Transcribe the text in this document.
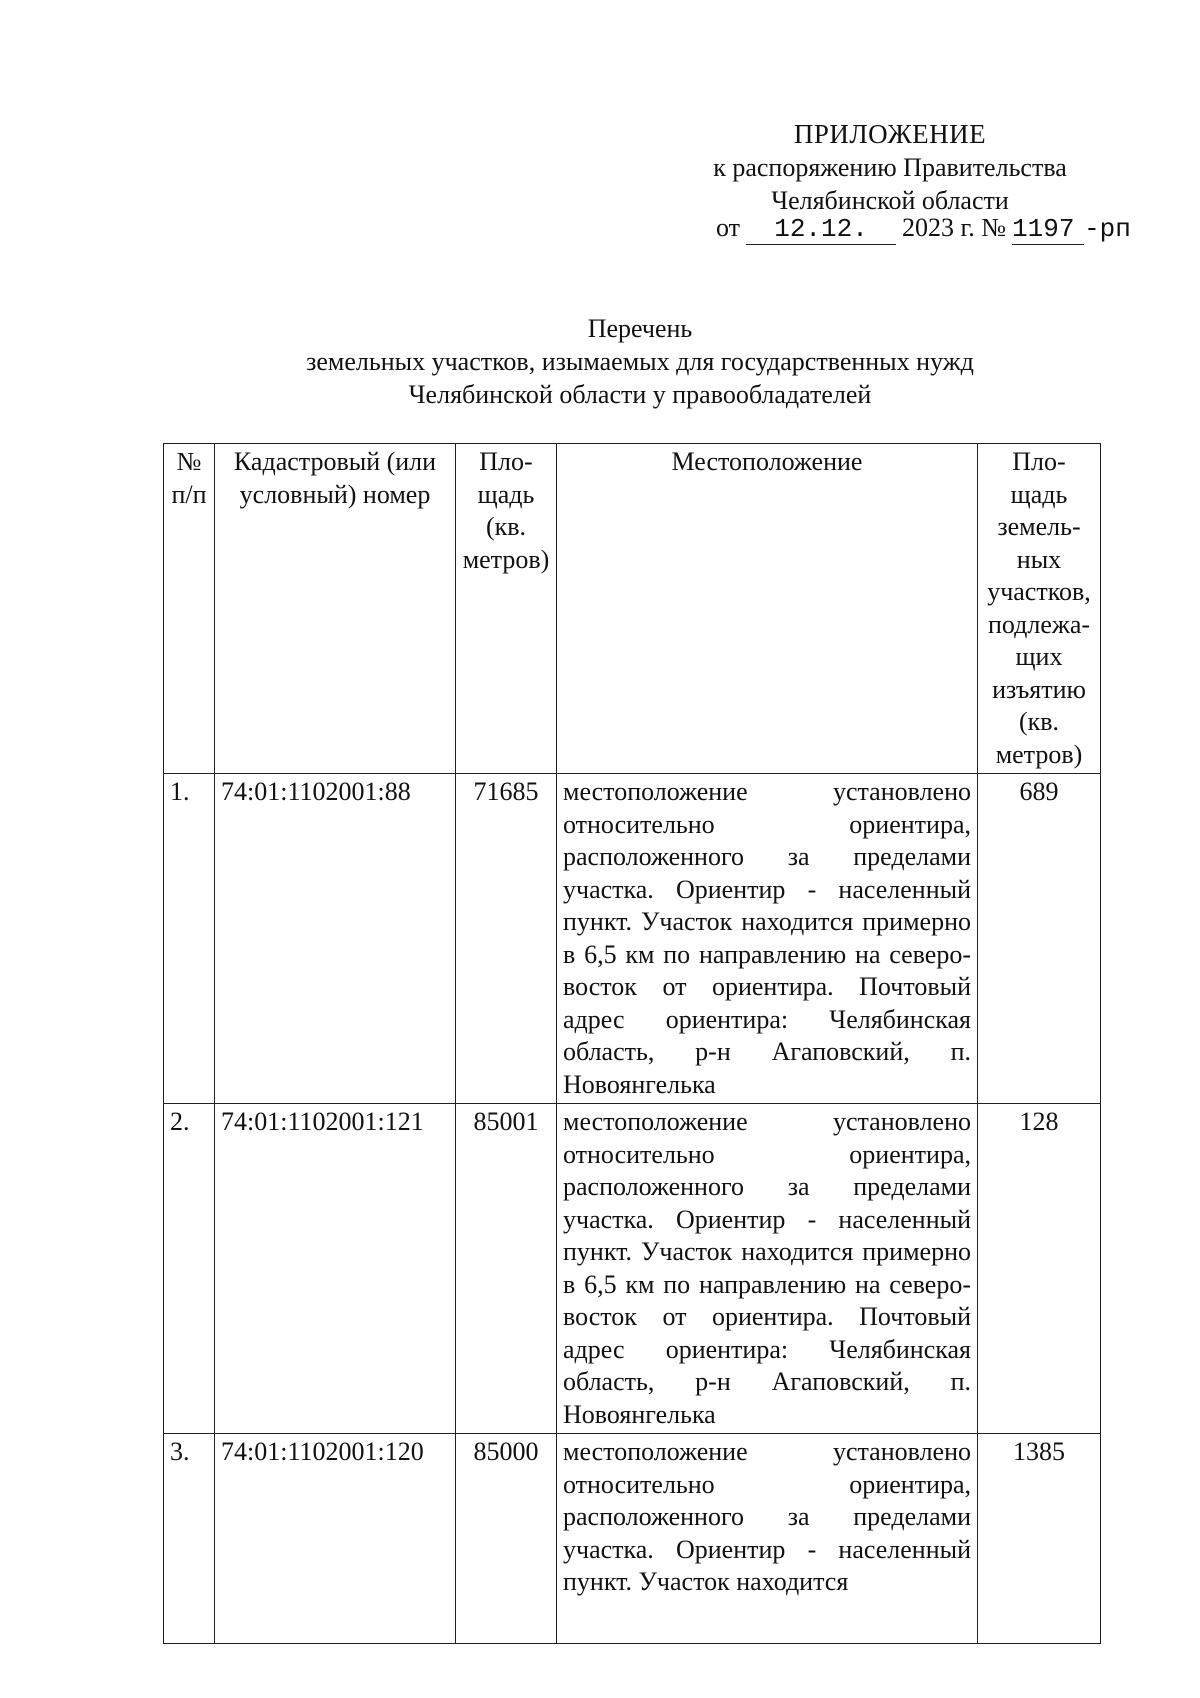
ПРИЛОЖЕНИЕ
к распоряжению Правительства
Челябинской области
от 12.12. 2023 г. № 1197 -рп
Перечень
земельных участков, изымаемых для государственных нужд
Челябинской области у правообладателей
№ п/п	Кадастровый (или условный) номер	Пло-щадь (кв. метров)	Местоположение	Пло-щадь земель-ных участков, подлежа-щих изъятию (кв. метров)
1.	74:01:1102001:88	71685	местоположение установлено относительно ориентира, расположенного за пределами участка. Ориентир - населенный пункт. Участок находится примерно в 6,5 км по направлению на северо-восток от ориентира. Почтовый адрес ориентира: Челябинская область, р-н Агаповский, п. Новоянгелька	689
2.	74:01:1102001:121	85001	местоположение установлено относительно ориентира, расположенного за пределами участка. Ориентир - населенный пункт. Участок находится примерно в 6,5 км по направлению на северо-восток от ориентира. Почтовый адрес ориентира: Челябинская область, р-н Агаповский, п. Новоянгелька	128
3.	74:01:1102001:120	85000	местоположение установлено относительно ориентира, расположенного за пределами участка. Ориентир - населенный пункт. Участок находится	1385
